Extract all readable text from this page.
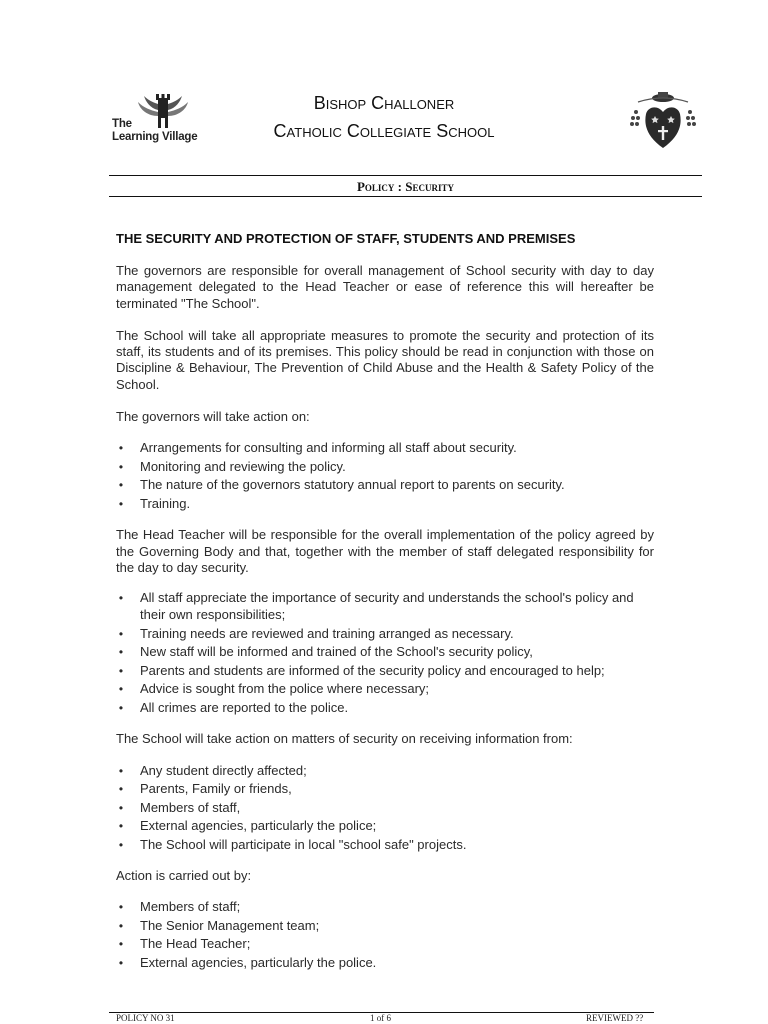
The
Learning Village
Bishop Challoner
Catholic Collegiate School
Policy : Security

THE SECURITY AND PROTECTION OF STAFF, STUDENTS AND PREMISES

The governors are responsible for overall management of School security with day to day management delegated to the Head Teacher or ease of reference this will hereafter be terminated "The School".

The School will take all appropriate measures to promote the security and protection of its staff, its students and of its premises. This policy should be read in conjunction with those on Discipline & Behaviour, The Prevention of Child Abuse and the Health & Safety Policy of the School.

The governors will take action on:

• Arrangements for consulting and informing all staff about security.
• Monitoring and reviewing the policy.
• The nature of the governors statutory annual report to parents on security.
• Training.

The Head Teacher will be responsible for the overall implementation of the policy agreed by the Governing Body and that, together with the member of staff delegated responsibility for the day to day security.

• All staff appreciate the importance of security and understands the school's policy and their own responsibilities;
• Training needs are reviewed and training arranged as necessary.
• New staff will be informed and trained of the School's security policy,
• Parents and students are informed of the security policy and encouraged to help;
• Advice is sought from the police where necessary;
• All crimes are reported to the police.

The School will take action on matters of security on receiving information from:

• Any student directly affected;
• Parents, Family or friends,
• Members of staff,
• External agencies, particularly the police;
• The School will participate in local "school safe" projects.

Action is carried out by:

• Members of staff;
• The Senior Management team;
• The Head Teacher;
• External agencies, particularly the police.
POLICY NO 31	1 of 6	REVIEWED ??
